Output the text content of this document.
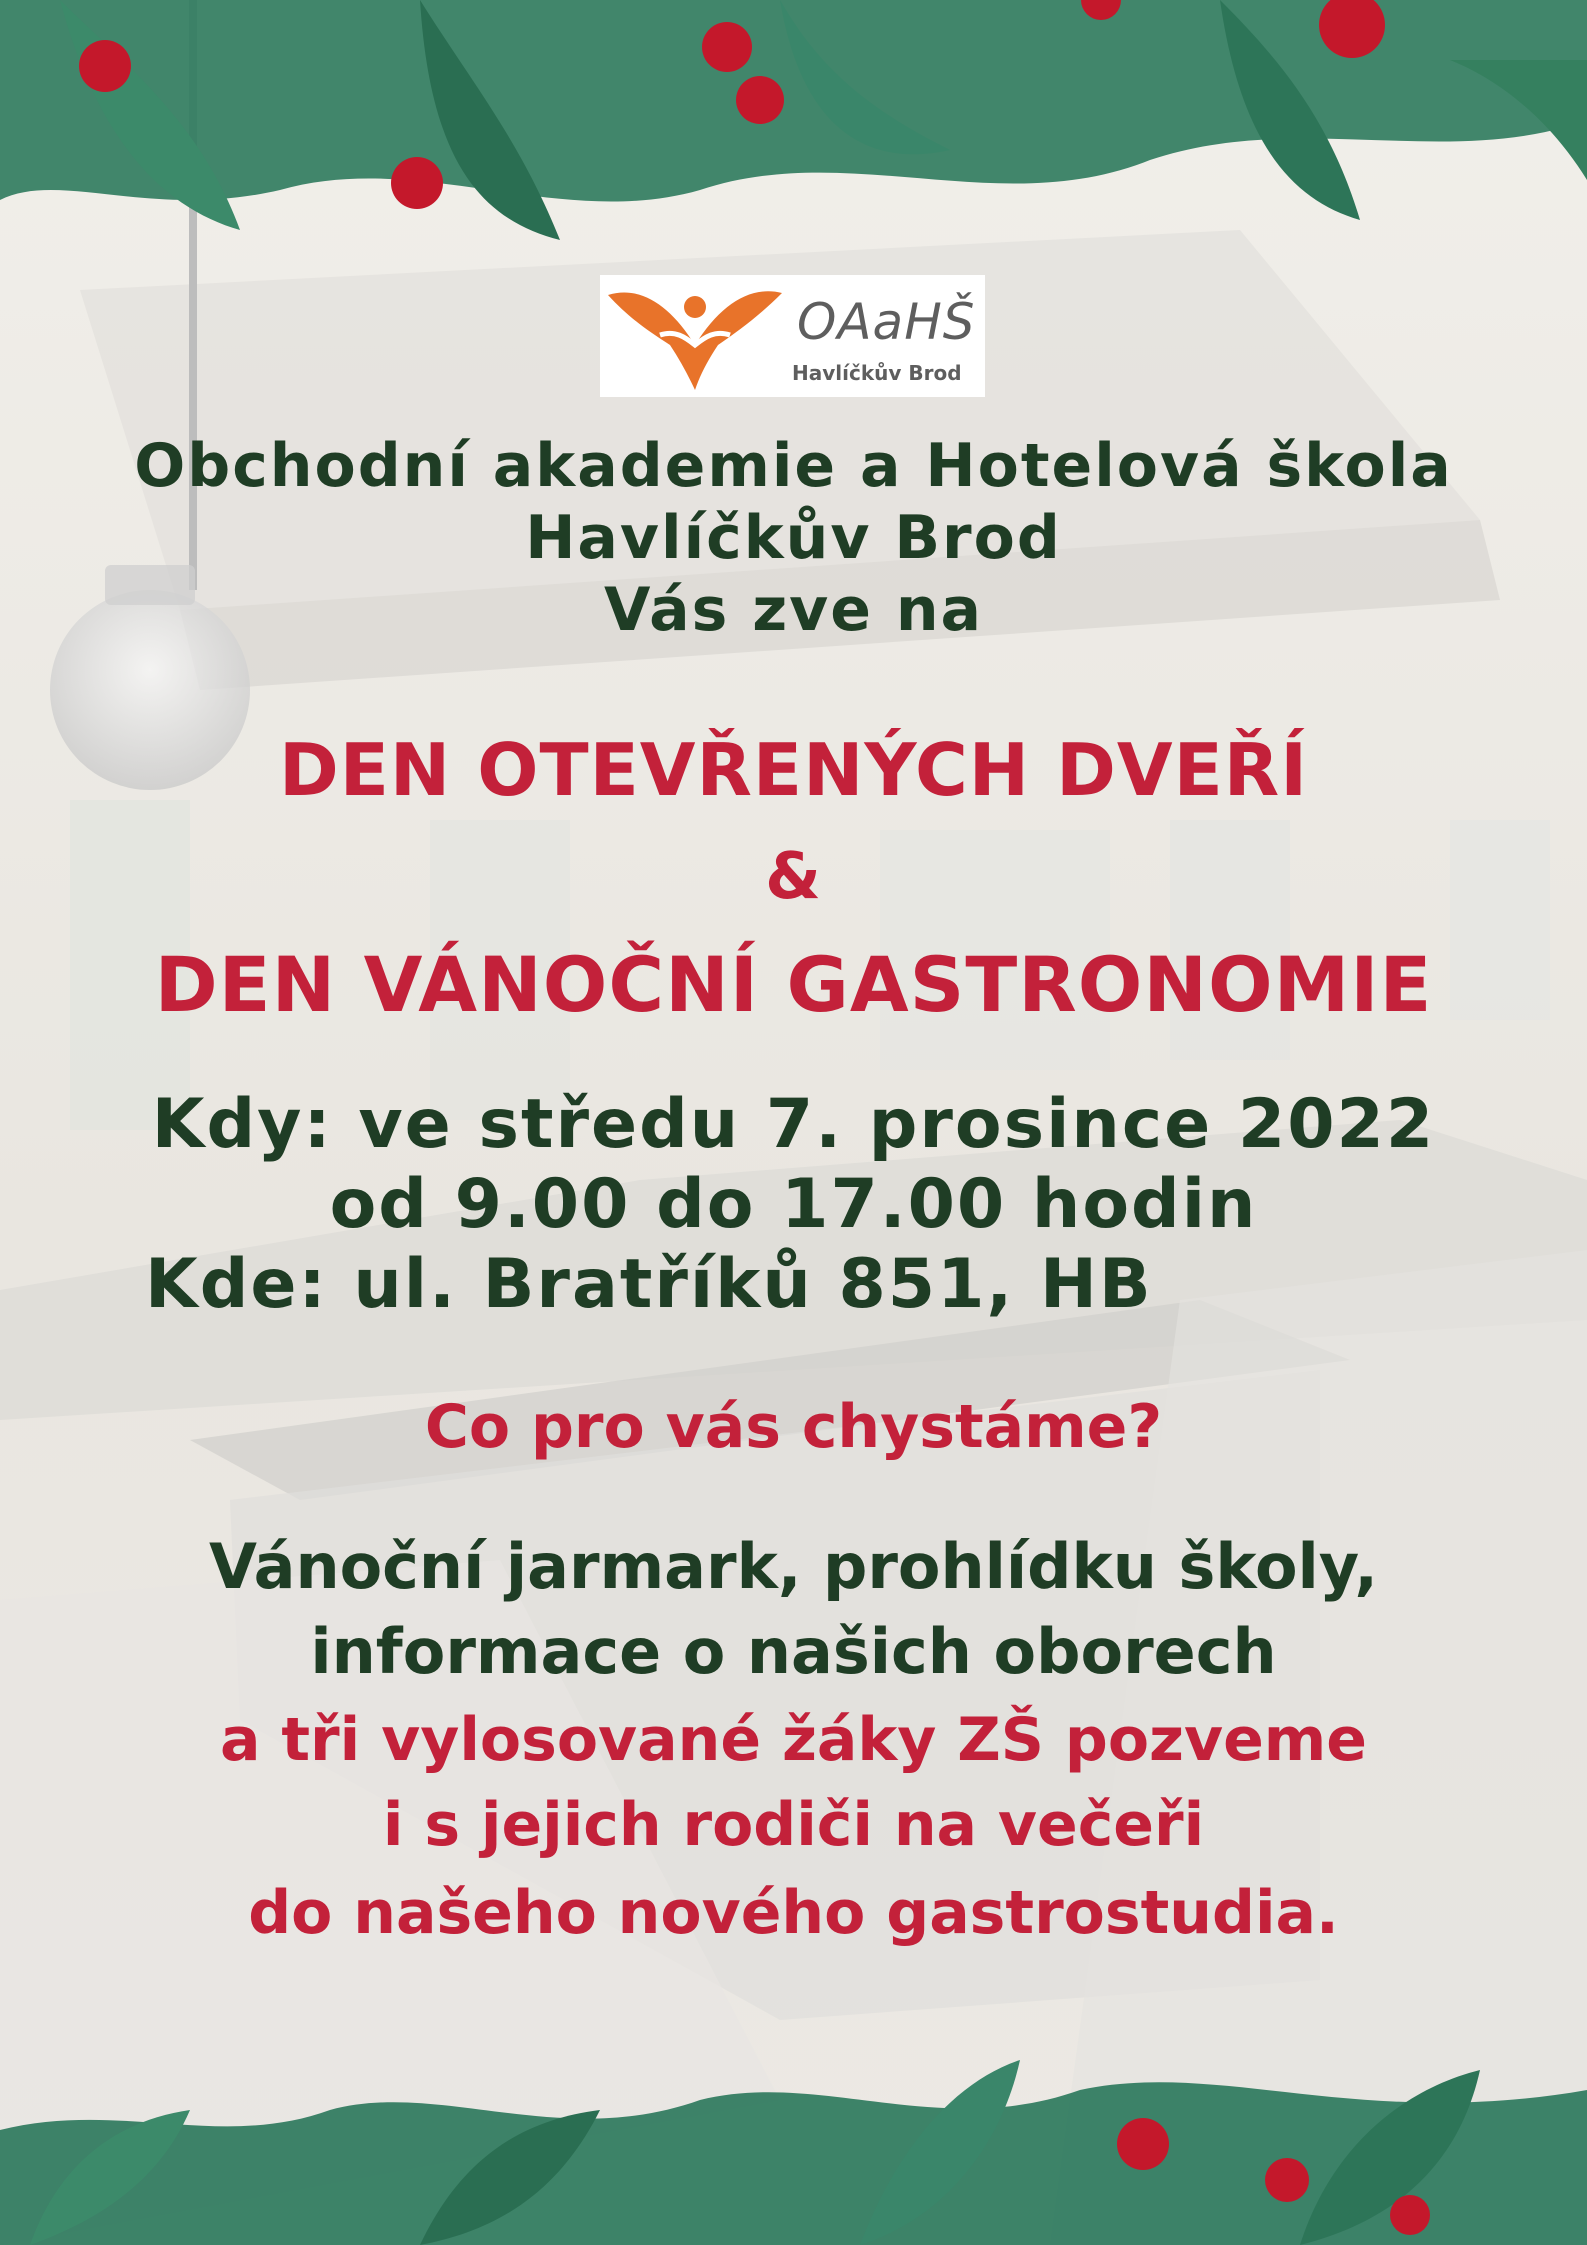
OAaHŠ
Havlíčkův Brod
Obchodní akademie a Hotelová škola
Havlíčkův Brod
Vás zve na
DEN OTEVŘENÝCH DVEŘÍ
&
DEN VÁNOČNÍ GASTRONOMIE
Kdy: ve středu 7. prosince 2022
od 9.00 do 17.00 hodin
Kde: ul. Bratříků 851, HB
Co pro vás chystáme?
Vánoční jarmark, prohlídku školy,
informace o našich oborech
a tři vylosované žáky ZŠ pozveme
i s jejich rodiči na večeři
do našeho nového gastrostudia.
